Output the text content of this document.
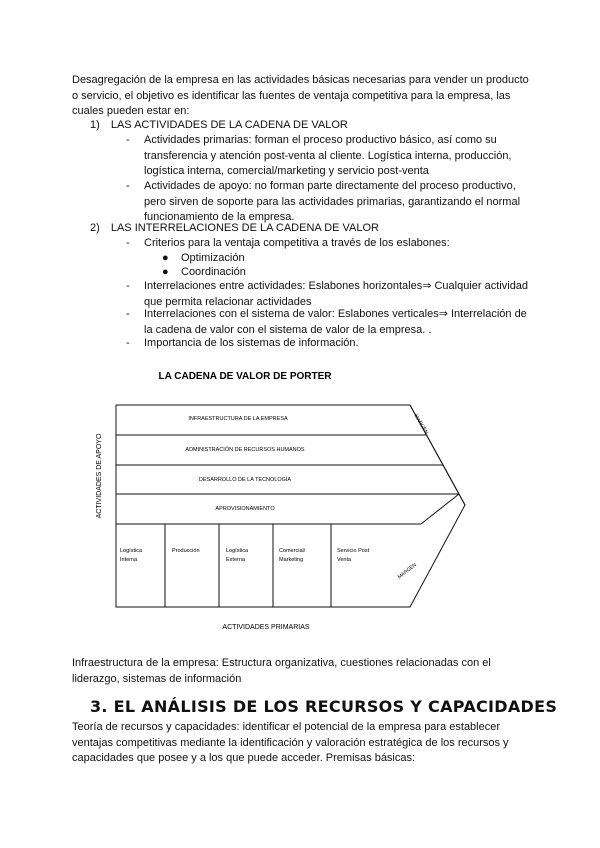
Desagregación de la empresa en las actividades básicas necesarias para vender un producto o servicio, el objetivo es identificar las fuentes de ventaja competitiva para la empresa, las cuales pueden estar en:
1) LAS ACTIVIDADES DE LA CADENA DE VALOR
- Actividades primarias: forman el proceso productivo básico, así como su transferencia y atención post-venta al cliente. Logística interna, producción, logística interna, comercial/marketing y servicio post-venta
- Actividades de apoyo: no forman parte directamente del proceso productivo, pero sirven de soporte para las actividades primarias, garantizando el normal funcionamiento de la empresa.
2) LAS INTERRELACIONES DE LA CADENA DE VALOR
- Criterios para la ventaja competitiva a través de los eslabones:
● Optimización
● Coordinación
- Interrelaciones entre actividades: Eslabones horizontales⇒ Cualquier actividad que permita relacionar actividades
- Interrelaciones con el sistema de valor: Eslabones verticales⇒ Interrelación de la cadena de valor con el sistema de valor de la empresa. .
- Importancia de los sistemas de información.
LA CADENA DE VALOR DE PORTER
INFRAESTRUCTURA DE LA EMPRESA
ADMINISTRACIÓN DE RECURSOS HUMANOS
DESARROLLO DE LA TECNOLOGÍA
APROVISIONAMIENTO
ACTIVIDADES DE APOYO
Logística
Interna
Producción	Logística
Externa
Comercial/
Marketing
Servicio Post
Venta
MARGEN
MARGEN
ACTIVIDADES PRIMARIAS
Infraestructura de la empresa: Estructura organizativa, cuestiones relacionadas con el liderazgo, sistemas de información
3. EL ANÁLISIS DE LOS RECURSOS Y CAPACIDADES
Teoría de recursos y capacidades: identificar el potencial de la empresa para establecer ventajas competitivas mediante la identificación y valoración estratégica de los recursos y capacidades que posee y a los que puede acceder. Premisas básicas:
